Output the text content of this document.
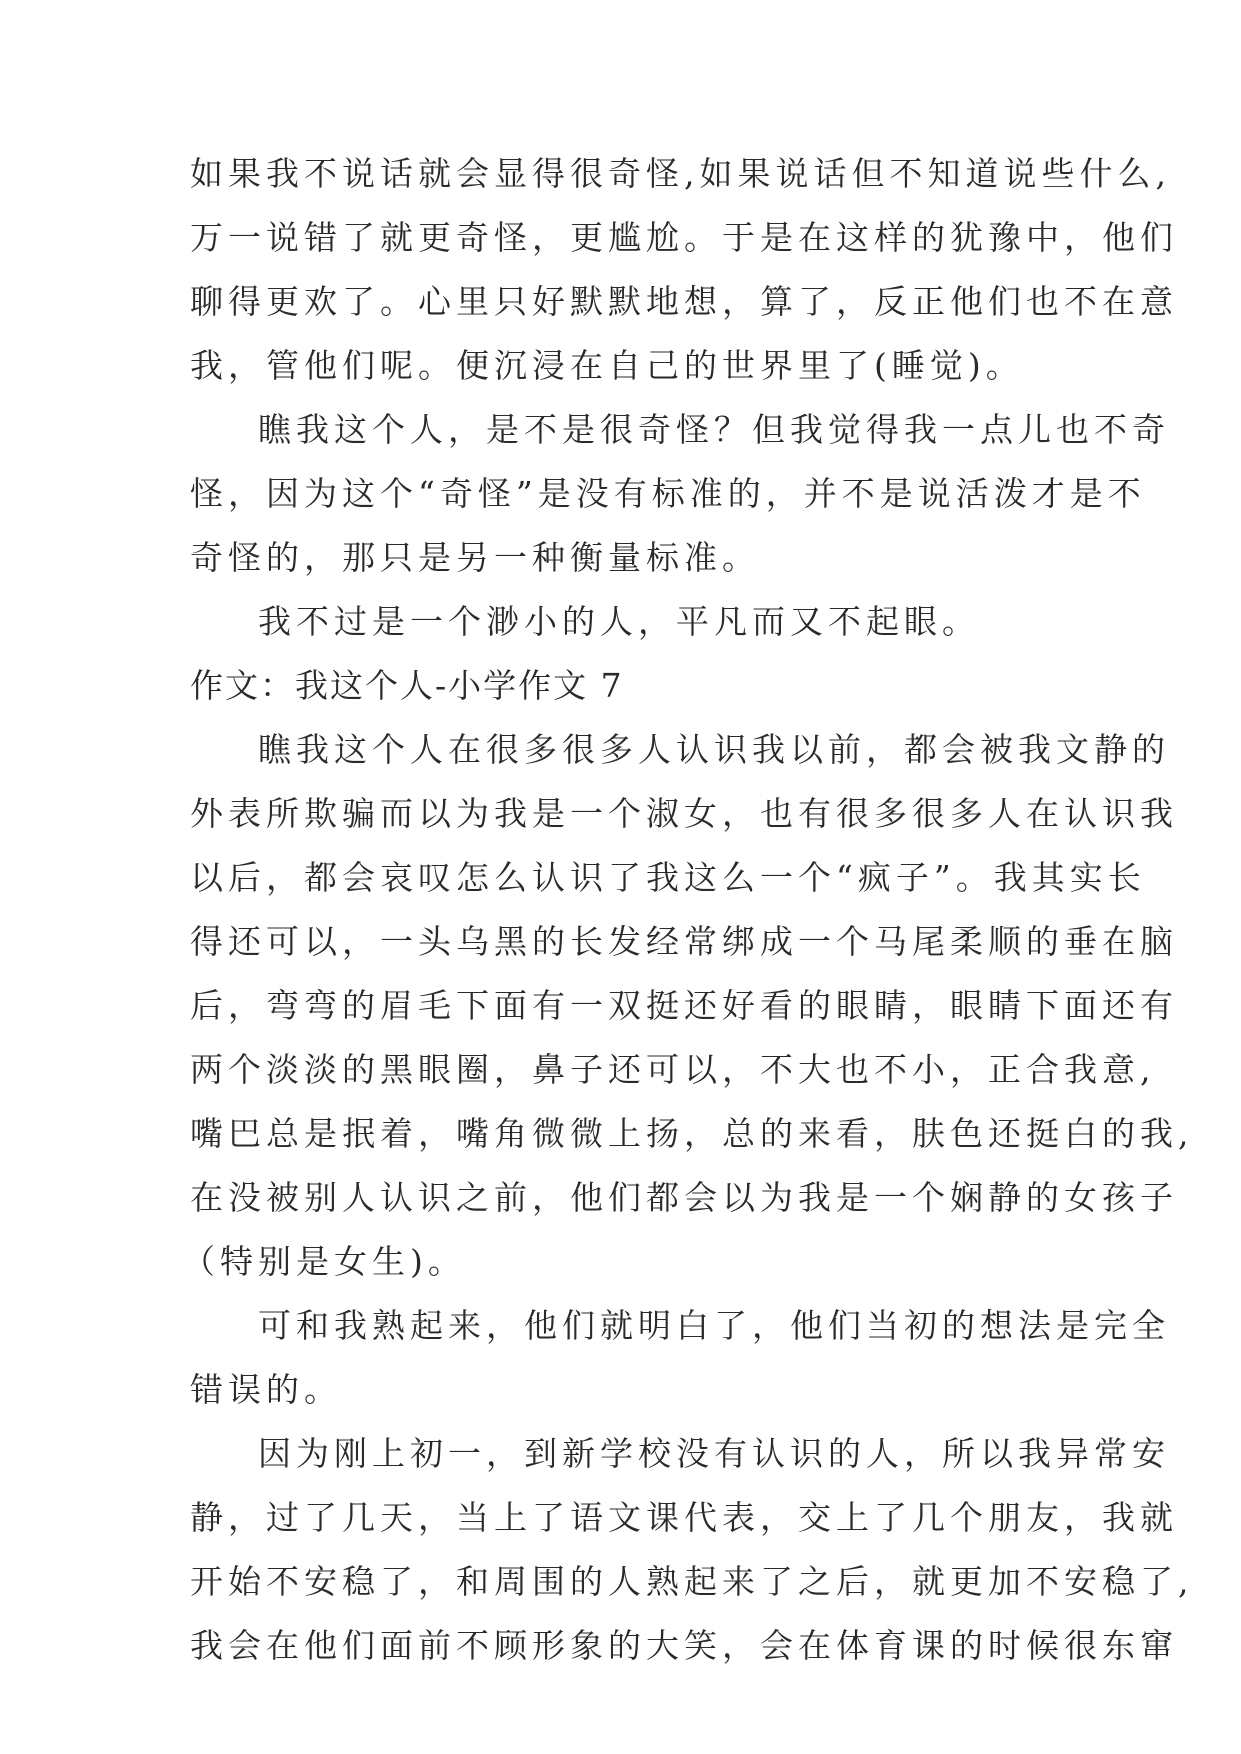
如果我不说话就会显得很奇怪,如果说话但不知道说些什么,
万一说错了就更奇怪，更尴尬。于是在这样的犹豫中，他们
聊得更欢了。心里只好默默地想，算了，反正他们也不在意
我，管他们呢。便沉浸在自己的世界里了(睡觉)。
瞧我这个人，是不是很奇怪？但我觉得我一点儿也不奇
怪，因为这个“奇怪”是没有标准的，并不是说活泼才是不
奇怪的，那只是另一种衡量标准。
我不过是一个渺小的人，平凡而又不起眼。
作文：我这个人-小学作文 7
瞧我这个人在很多很多人认识我以前，都会被我文静的
外表所欺骗而以为我是一个淑女，也有很多很多人在认识我
以后，都会哀叹怎么认识了我这么一个“疯子”。我其实长
得还可以，一头乌黑的长发经常绑成一个马尾柔顺的垂在脑
后，弯弯的眉毛下面有一双挺还好看的眼睛，眼睛下面还有
两个淡淡的黑眼圈，鼻子还可以，不大也不小，正合我意,
嘴巴总是抿着，嘴角微微上扬，总的来看，肤色还挺白的我,
在没被别人认识之前，他们都会以为我是一个娴静的女孩子
（特别是女生)。
可和我熟起来，他们就明白了，他们当初的想法是完全
错误的。
因为刚上初一，到新学校没有认识的人，所以我异常安
静，过了几天，当上了语文课代表，交上了几个朋友，我就
开始不安稳了，和周围的人熟起来了之后，就更加不安稳了,
我会在他们面前不顾形象的大笑，会在体育课的时候很东窜
